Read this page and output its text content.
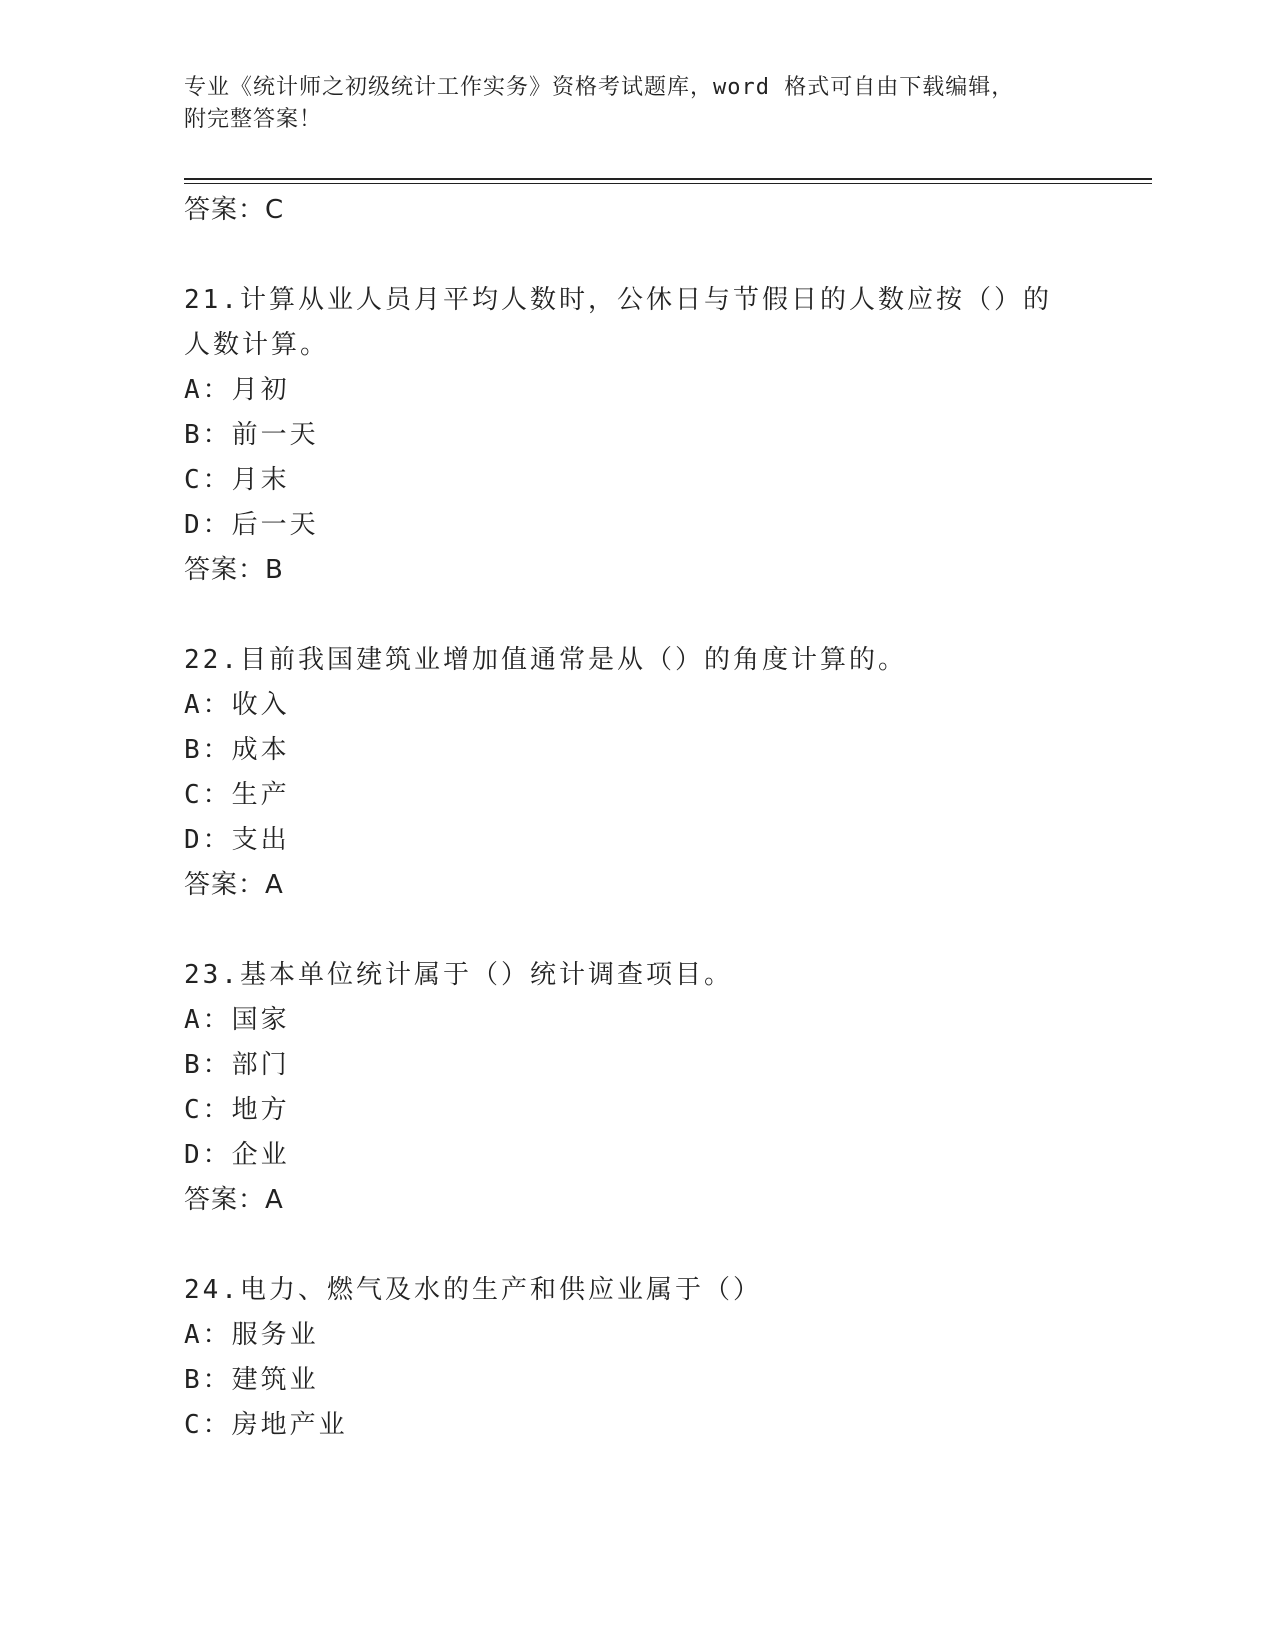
专业《统计师之初级统计工作实务》资格考试题库，word 格式可自由下载编辑，
附完整答案！
答案：C
21.计算从业人员月平均人数时，公休日与节假日的人数应按（）的人数计算。
A：月初
B：前一天
C：月末
D：后一天
答案：B
22.目前我国建筑业增加值通常是从（）的角度计算的。
A：收入
B：成本
C：生产
D：支出
答案：A
23.基本单位统计属于（）统计调查项目。
A：国家
B：部门
C：地方
D：企业
答案：A
24.电力、燃气及水的生产和供应业属于（）
A：服务业
B：建筑业
C：房地产业
